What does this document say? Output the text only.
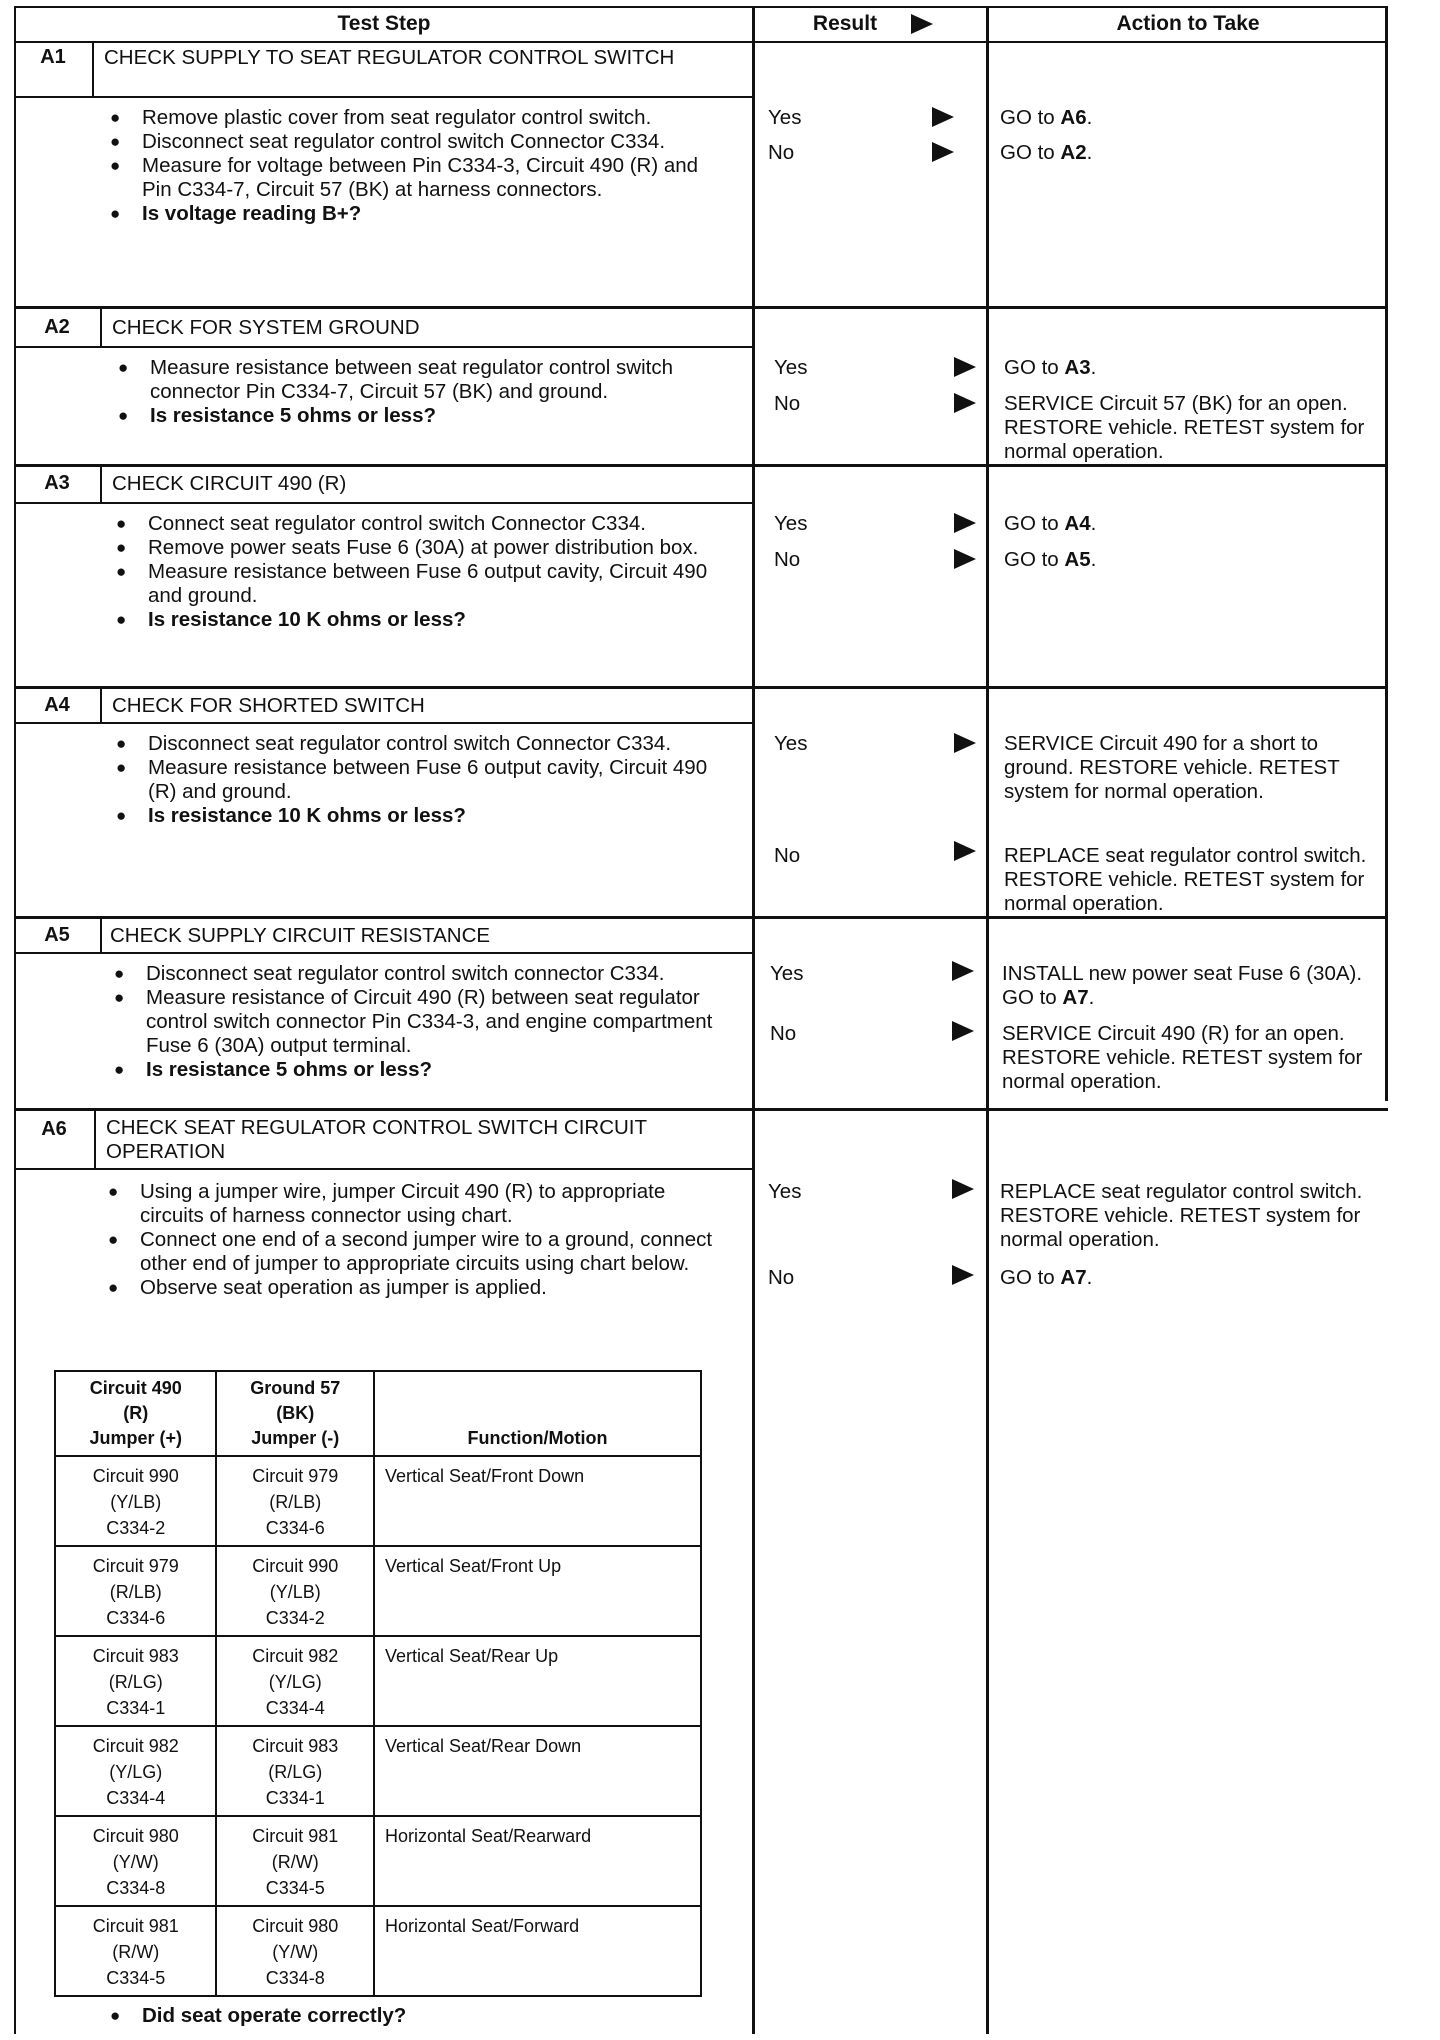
Test Step	Result	Action to Take
A1	CHECK SUPPLY TO SEAT REGULATOR CONTROL SWITCH
● Remove plastic cover from seat regulator control switch.
● Disconnect seat regulator control switch Connector C334.
● Measure for voltage between Pin C334-3, Circuit 490 (R) and Pin C334-7, Circuit 57 (BK) at harness connectors.
● Is voltage reading B+?
Yes	GO to A6.
No	GO to A2.
A2	CHECK FOR SYSTEM GROUND
● Measure resistance between seat regulator control switch connector Pin C334-7, Circuit 57 (BK) and ground.
● Is resistance 5 ohms or less?
Yes	GO to A3.
No	SERVICE Circuit 57 (BK) for an open. RESTORE vehicle. RETEST system for normal operation.
A3	CHECK CIRCUIT 490 (R)
● Connect seat regulator control switch Connector C334.
● Remove power seats Fuse 6 (30A) at power distribution box.
● Measure resistance between Fuse 6 output cavity, Circuit 490 and ground.
● Is resistance 10 K ohms or less?
Yes	GO to A4.
No	GO to A5.
A4	CHECK FOR SHORTED SWITCH
● Disconnect seat regulator control switch Connector C334.
● Measure resistance between Fuse 6 output cavity, Circuit 490 (R) and ground.
● Is resistance 10 K ohms or less?
Yes	SERVICE Circuit 490 for a short to ground. RESTORE vehicle. RETEST system for normal operation.
No	REPLACE seat regulator control switch. RESTORE vehicle. RETEST system for normal operation.
A5	CHECK SUPPLY CIRCUIT RESISTANCE
● Disconnect seat regulator control switch connector C334.
● Measure resistance of Circuit 490 (R) between seat regulator control switch connector Pin C334-3, and engine compartment Fuse 6 (30A) output terminal.
● Is resistance 5 ohms or less?
Yes	INSTALL new power seat Fuse 6 (30A). GO to A7.
No	SERVICE Circuit 490 (R) for an open. RESTORE vehicle. RETEST system for normal operation.
A6	CHECK SEAT REGULATOR CONTROL SWITCH CIRCUIT OPERATION
● Using a jumper wire, jumper Circuit 490 (R) to appropriate circuits of harness connector using chart.
● Connect one end of a second jumper wire to a ground, connect other end of jumper to appropriate circuits using chart below.
● Observe seat operation as jumper is applied.
Yes	REPLACE seat regulator control switch. RESTORE vehicle. RETEST system for normal operation.
No	GO to A7.
Circuit 490
(R)
Jumper (+)	Ground 57
(BK)
Jumper (-)	Function/Motion
Circuit 990
(Y/LB)
C334-2	Circuit 979
(R/LB)
C334-6	Vertical Seat/Front Down
Circuit 979
(R/LB)
C334-6	Circuit 990
(Y/LB)
C334-2	Vertical Seat/Front Up
Circuit 983
(R/LG)
C334-1	Circuit 982
(Y/LG)
C334-4	Vertical Seat/Rear Up
Circuit 982
(Y/LG)
C334-4	Circuit 983
(R/LG)
C334-1	Vertical Seat/Rear Down
Circuit 980
(Y/W)
C334-8	Circuit 981
(R/W)
C334-5	Horizontal Seat/Rearward
Circuit 981
(R/W)
C334-5	Circuit 980
(Y/W)
C334-8	Horizontal Seat/Forward
● Did seat operate correctly?
